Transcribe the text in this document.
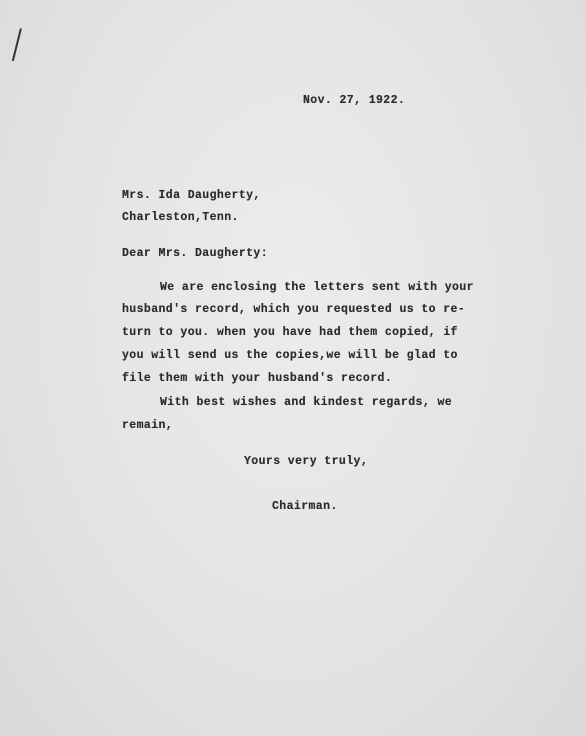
Nov. 27, 1922.
Mrs. Ida Daugherty,
Charleston,Tenn.
Dear Mrs. Daugherty:
We are enclosing the letters sent with your
husband's record, which you requested us to re-
turn to you. when you have had them copied, if
you will send us the copies,we will be glad to
file them with your husband's record.
With best wishes and kindest regards, we
remain,
Yours very truly,
Chairman.
